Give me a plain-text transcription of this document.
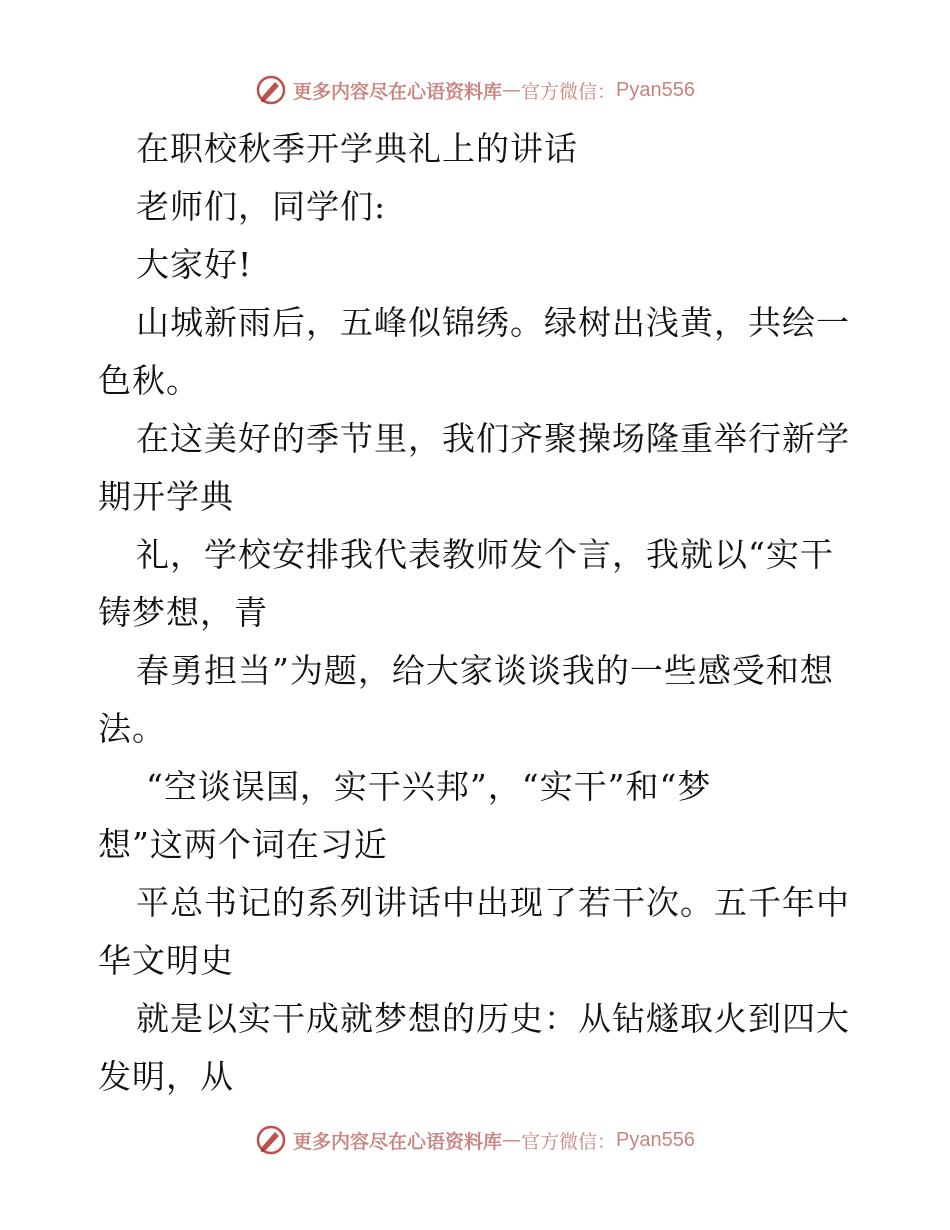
更多内容尽在心语资料库 — 官方微信： Pyan556
在职校秋季开学典礼上的讲话
老师们，同学们:
大家好!
山城新雨后，五峰似锦绣。绿树出浅黄，共绘一
色秋。
在这美好的季节里，我们齐聚操场隆重举行新学
期开学典
礼，学校安排我代表教师发个言，我就以“实干
铸梦想，青
春勇担当”为题，给大家谈谈我的一些感受和想
法。
“空谈误国，实干兴邦”，“实干”和“梦
想”这两个词在习近
平总书记的系列讲话中出现了若干次。五千年中
华文明史
就是以实干成就梦想的历史：从钻燧取火到四大
发明，从
更多内容尽在心语资料库 — 官方微信： Pyan556
